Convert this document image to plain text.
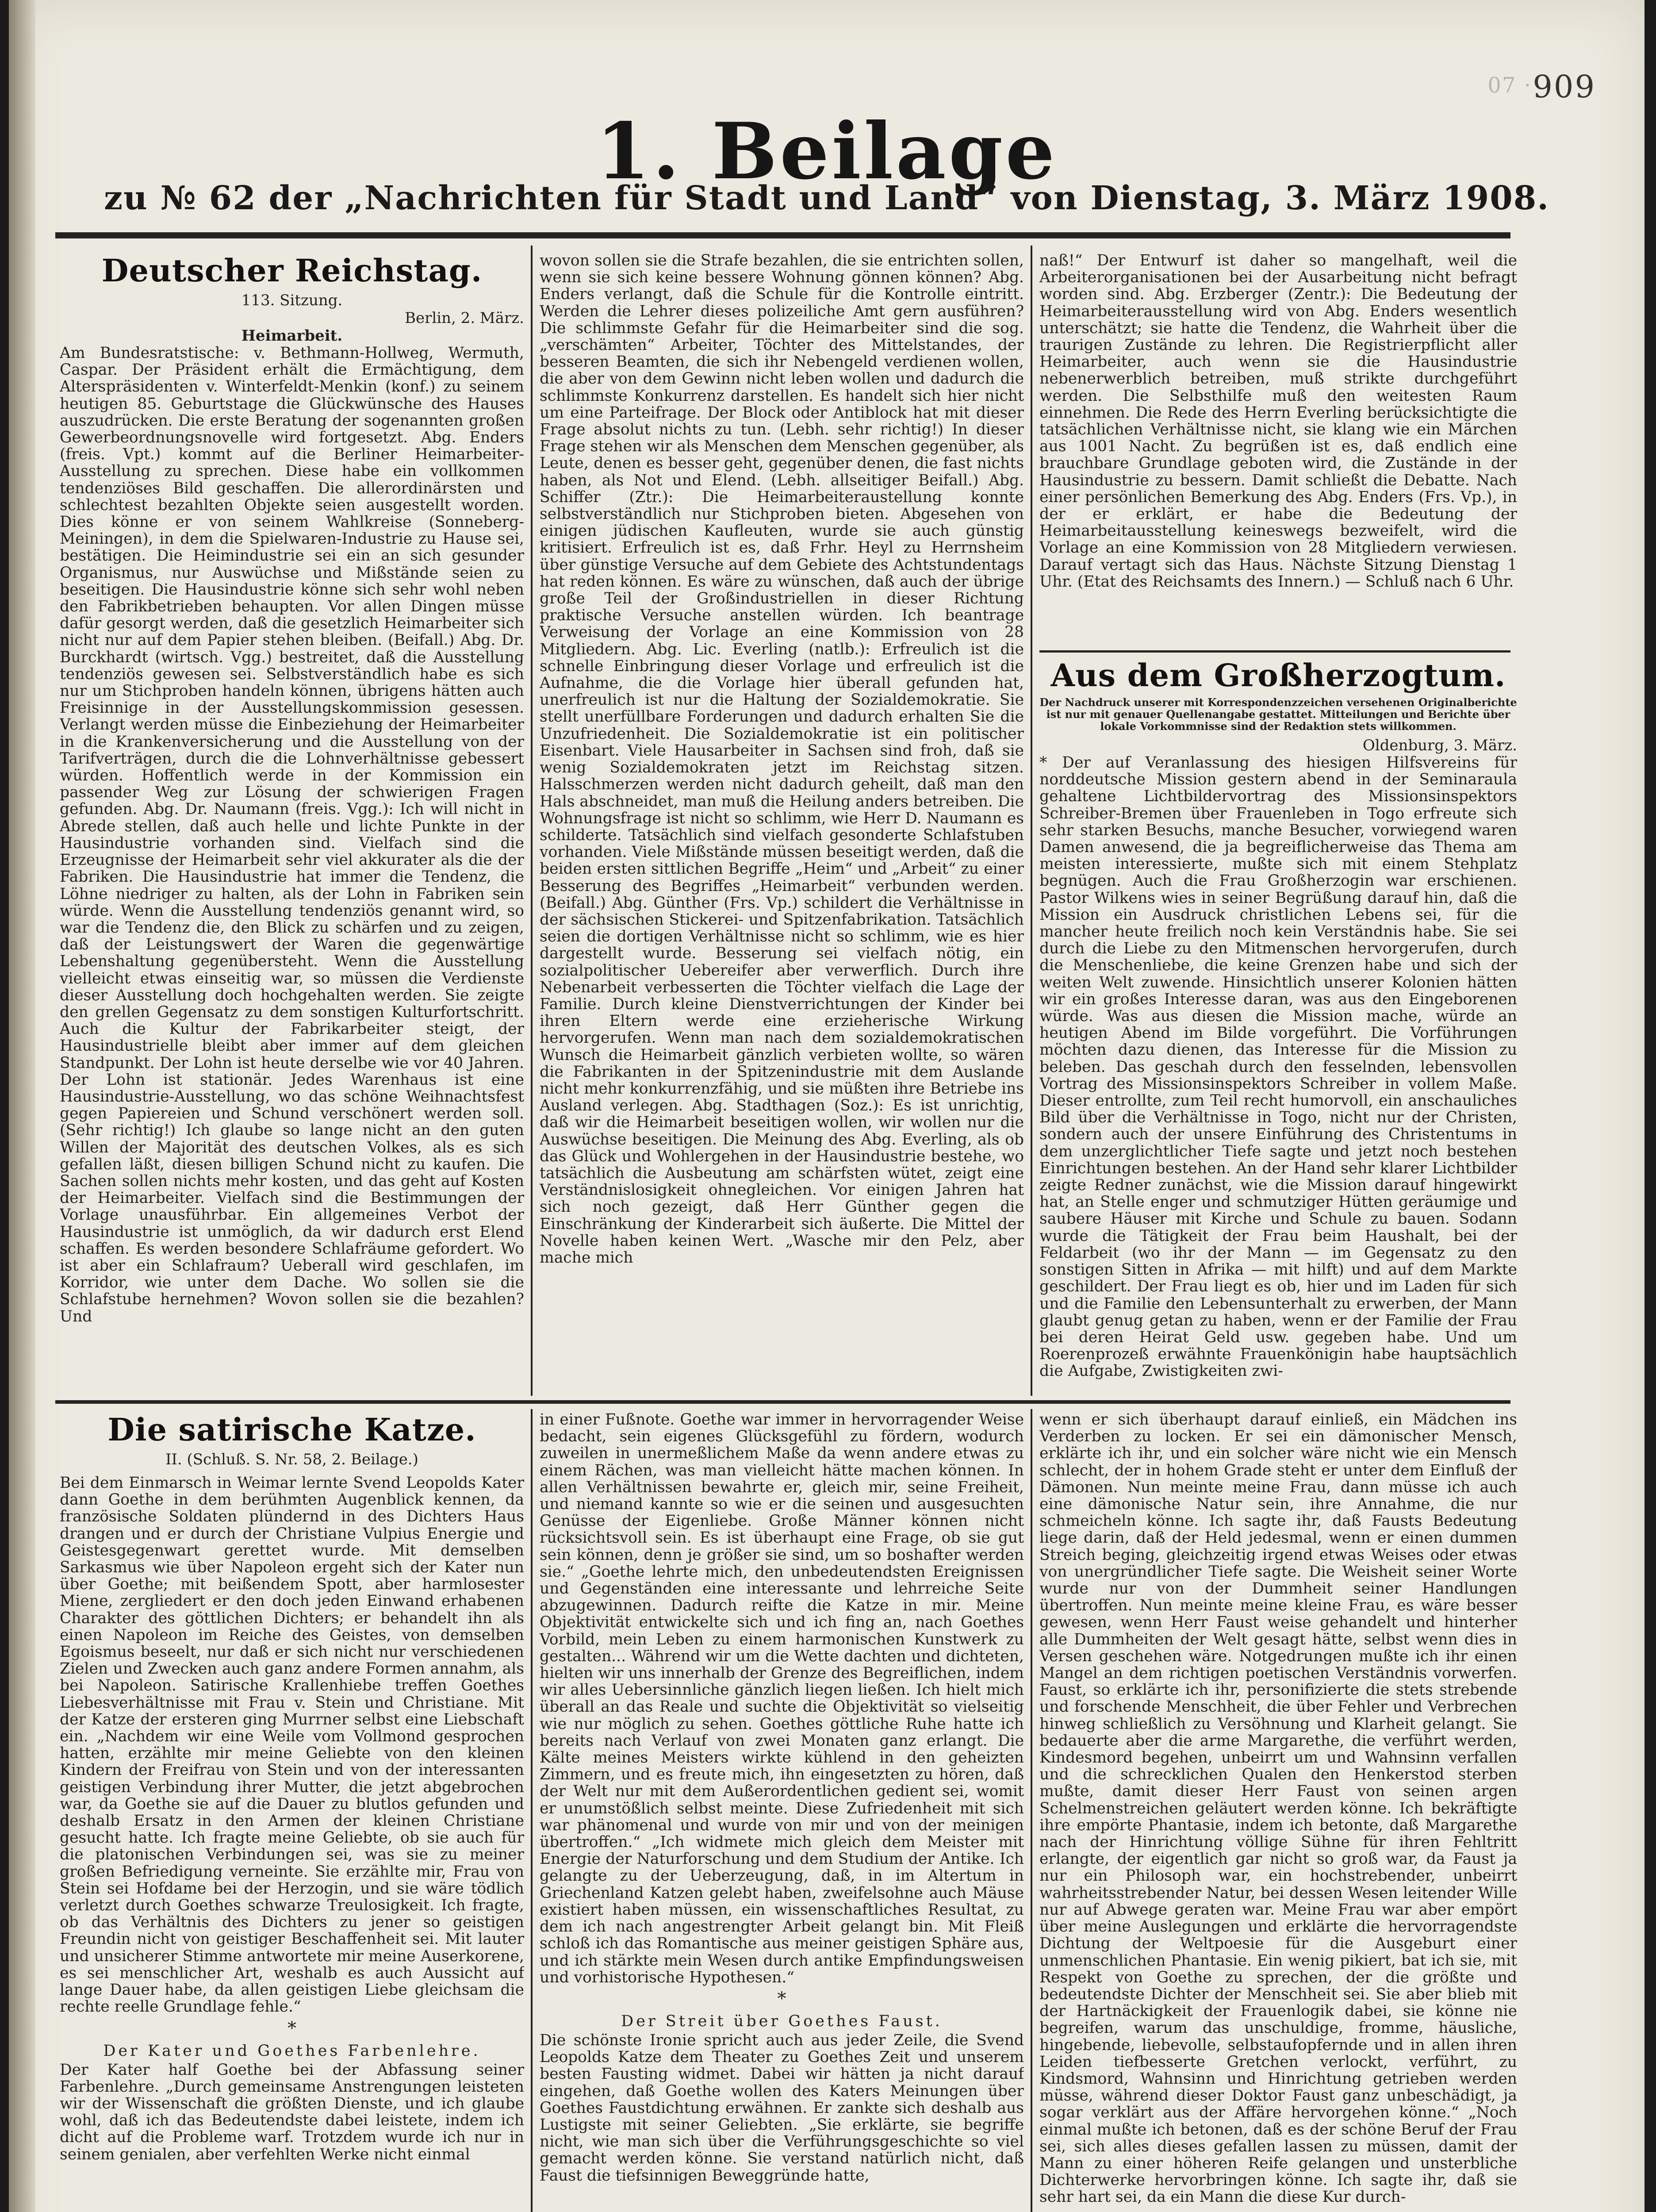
07 · 909
1. Beilage
zu № 62 der „Nachrichten für Stadt und Land“ von Dienstag, 3. März 1908.
Deutscher Reichstag.

113. Sitzung.

Berlin, 2. März.

Heimarbeit.

Am Bundesratstische: v. Bethmann-Hollweg, Wermuth, Caspar. Der Präsident erhält die Ermächtigung, dem Alterspräsidenten v. Winterfeldt-Menkin (konf.) zu seinem heutigen 85. Geburtstage die Glückwünsche des Hauses auszudrücken. Die erste Beratung der sogenannten großen Gewerbeordnungsnovelle wird fortgesetzt. Abg. Enders (freis. Vpt.) kommt auf die Berliner Heimarbeiter-Ausstellung zu sprechen. Diese habe ein vollkommen tendenziöses Bild geschaffen. Die allerordinärsten und schlechtest bezahlten Objekte seien ausgestellt worden. Dies könne er von seinem Wahlkreise (Sonneberg-Meiningen), in dem die Spielwaren-Industrie zu Hause sei, bestätigen. Die Heimindustrie sei ein an sich gesunder Organismus, nur Auswüchse und Mißstände seien zu beseitigen. Die Hausindustrie könne sich sehr wohl neben den Fabrikbetrieben behaupten. Vor allen Dingen müsse dafür gesorgt werden, daß die gesetzlich Heimarbeiter sich nicht nur auf dem Papier stehen bleiben. (Beifall.) Abg. Dr. Burckhardt (wirtsch. Vgg.) bestreitet, daß die Ausstellung tendenziös gewesen sei. Selbstverständlich habe es sich nur um Stichproben handeln können, übrigens hätten auch Freisinnige in der Ausstellungskommission gesessen. Verlangt werden müsse die Einbeziehung der Heimarbeiter in die Krankenversicherung und die Ausstellung von der Tarifverträgen, durch die die Lohnverhältnisse gebessert würden. Hoffentlich werde in der Kommission ein passender Weg zur Lösung der schwierigen Fragen gefunden. Abg. Dr. Naumann (freis. Vgg.): Ich will nicht in Abrede stellen, daß auch helle und lichte Punkte in der Hausindustrie vorhanden sind. Vielfach sind die Erzeugnisse der Heimarbeit sehr viel akkurater als die der Fabriken. Die Hausindustrie hat immer die Tendenz, die Löhne niedriger zu halten, als der Lohn in Fabriken sein würde. Wenn die Ausstellung tendenziös genannt wird, so war die Tendenz die, den Blick zu schärfen und zu zeigen, daß der Leistungswert der Waren die gegenwärtige Lebenshaltung gegenübersteht. Wenn die Ausstellung vielleicht etwas einseitig war, so müssen die Verdienste dieser Ausstellung doch hochgehalten werden. Sie zeigte den grellen Gegensatz zu dem sonstigen Kulturfortschritt. Auch die Kultur der Fabrikarbeiter steigt, der Hausindustrielle bleibt aber immer auf dem gleichen Standpunkt. Der Lohn ist heute derselbe wie vor 40 Jahren. Der Lohn ist stationär. Jedes Warenhaus ist eine Hausindustrie-Ausstellung, wo das schöne Weihnachtsfest gegen Papiereien und Schund verschönert werden soll. (Sehr richtig!) Ich glaube so lange nicht an den guten Willen der Majorität des deutschen Volkes, als es sich gefallen läßt, diesen billigen Schund nicht zu kaufen. Die Sachen sollen nichts mehr kosten, und das geht auf Kosten der Heimarbeiter. Vielfach sind die Bestimmungen der Vorlage unausführbar. Ein allgemeines Verbot der Hausindustrie ist unmöglich, da wir dadurch erst Elend schaffen. Es werden besondere Schlafräume gefordert. Wo ist aber ein Schlafraum? Ueberall wird geschlafen, im Korridor, wie unter dem Dache. Wo sollen sie die Schlafstube hernehmen? Wovon sollen sie die bezahlen? Und
wovon sollen sie die Strafe bezahlen, die sie entrichten sollen, wenn sie sich keine bessere Wohnung gönnen können? Abg. Enders verlangt, daß die Schule für die Kontrolle eintritt. Werden die Lehrer dieses polizeiliche Amt gern ausführen? Die schlimmste Gefahr für die Heimarbeiter sind die sog. „verschämten“ Arbeiter, Töchter des Mittelstandes, der besseren Beamten, die sich ihr Nebengeld verdienen wollen, die aber von dem Gewinn nicht leben wollen und dadurch die schlimmste Konkurrenz darstellen. Es handelt sich hier nicht um eine Parteifrage. Der Block oder Antiblock hat mit dieser Frage absolut nichts zu tun. (Lebh. sehr richtig!) In dieser Frage stehen wir als Menschen dem Menschen gegenüber, als Leute, denen es besser geht, gegenüber denen, die fast nichts haben, als Not und Elend. (Lebh. allseitiger Beifall.) Abg. Schiffer (Ztr.): Die Heimarbeiteraustellung konnte selbstverständlich nur Stichproben bieten. Abgesehen von einigen jüdischen Kaufleuten, wurde sie auch günstig kritisiert. Erfreulich ist es, daß Frhr. Heyl zu Herrnsheim über günstige Versuche auf dem Gebiete des Achtstundentags hat reden können. Es wäre zu wünschen, daß auch der übrige große Teil der Großindustriellen in dieser Richtung praktische Versuche anstellen würden. Ich beantrage Verweisung der Vorlage an eine Kommission von 28 Mitgliedern. Abg. Lic. Everling (natlb.): Erfreulich ist die schnelle Einbringung dieser Vorlage und erfreulich ist die Aufnahme, die die Vorlage hier überall gefunden hat, unerfreulich ist nur die Haltung der Sozialdemokratie. Sie stellt unerfüllbare Forderungen und dadurch erhalten Sie die Unzufriedenheit. Die Sozialdemokratie ist ein politischer Eisenbart. Viele Hausarbeiter in Sachsen sind froh, daß sie wenig Sozialdemokraten jetzt im Reichstag sitzen. Halsschmerzen werden nicht dadurch geheilt, daß man den Hals abschneidet, man muß die Heilung anders betreiben. Die Wohnungsfrage ist nicht so schlimm, wie Herr D. Naumann es schilderte. Tatsächlich sind vielfach gesonderte Schlafstuben vorhanden. Viele Mißstände müssen beseitigt werden, daß die beiden ersten sittlichen Begriffe „Heim“ und „Arbeit“ zu einer Besserung des Begriffes „Heimarbeit“ verbunden werden. (Beifall.) Abg. Günther (Frs. Vp.) schildert die Verhältnisse in der sächsischen Stickerei- und Spitzenfabrikation. Tatsächlich seien die dortigen Verhältnisse nicht so schlimm, wie es hier dargestellt wurde. Besserung sei vielfach nötig, ein sozialpolitischer Uebereifer aber verwerflich. Durch ihre Nebenarbeit verbesserten die Töchter vielfach die Lage der Familie. Durch kleine Dienstverrichtungen der Kinder bei ihren Eltern werde eine erzieherische Wirkung hervorgerufen. Wenn man nach dem sozialdemokratischen Wunsch die Heimarbeit gänzlich verbieten wollte, so wären die Fabrikanten in der Spitzenindustrie mit dem Auslande nicht mehr konkurrenzfähig, und sie müßten ihre Betriebe ins Ausland verlegen. Abg. Stadthagen (Soz.): Es ist unrichtig, daß wir die Heimarbeit beseitigen wollen, wir wollen nur die Auswüchse beseitigen. Die Meinung des Abg. Everling, als ob das Glück und Wohlergehen in der Hausindustrie bestehe, wo tatsächlich die Ausbeutung am schärfsten wütet, zeigt eine Verständnislosigkeit ohnegleichen. Vor einigen Jahren hat sich noch gezeigt, daß Herr Günther gegen die Einschränkung der Kinderarbeit sich äußerte. Die Mittel der Novelle haben keinen Wert. „Wasche mir den Pelz, aber mache mich
naß!“ Der Entwurf ist daher so mangelhaft, weil die Arbeiterorganisationen bei der Ausarbeitung nicht befragt worden sind. Abg. Erzberger (Zentr.): Die Bedeutung der Heimarbeiterausstellung wird von Abg. Enders wesentlich unterschätzt; sie hatte die Tendenz, die Wahrheit über die traurigen Zustände zu lehren. Die Registrierpflicht aller Heimarbeiter, auch wenn sie die Hausindustrie nebenerwerblich betreiben, muß strikte durchgeführt werden. Die Selbsthilfe muß den weitesten Raum einnehmen. Die Rede des Herrn Everling berücksichtigte die tatsächlichen Verhältnisse nicht, sie klang wie ein Märchen aus 1001 Nacht. Zu begrüßen ist es, daß endlich eine brauchbare Grundlage geboten wird, die Zustände in der Hausindustrie zu bessern. Damit schließt die Debatte. Nach einer persönlichen Bemerkung des Abg. Enders (Frs. Vp.), in der er erklärt, er habe die Bedeutung der Heimarbeitausstellung keineswegs bezweifelt, wird die Vorlage an eine Kommission von 28 Mitgliedern verwiesen. Darauf vertagt sich das Haus. Nächste Sitzung Dienstag 1 Uhr. (Etat des Reichsamts des Innern.) — Schluß nach 6 Uhr.
Aus dem Großherzogtum.
Der Nachdruck unserer mit Korrespondenzzeichen versehenen Originalberichte ist nur mit genauer Quellenangabe gestattet. Mitteilungen und Berichte über lokale Vorkommnisse sind der Redaktion stets willkommen.

Oldenburg, 3. März.

* Der auf Veranlassung des hiesigen Hilfsvereins für norddeutsche Mission gestern abend in der Seminaraula gehaltene Lichtbildervortrag des Missionsinspektors Schreiber-Bremen über Frauenleben in Togo erfreute sich sehr starken Besuchs, manche Besucher, vorwiegend waren Damen anwesend, die ja begreiflicherweise das Thema am meisten interessierte, mußte sich mit einem Stehplatz begnügen. Auch die Frau Großherzogin war erschienen. Pastor Wilkens wies in seiner Begrüßung darauf hin, daß die Mission ein Ausdruck christlichen Lebens sei, für die mancher heute freilich noch kein Verständnis habe. Sie sei durch die Liebe zu den Mitmenschen hervorgerufen, durch die Menschenliebe, die keine Grenzen habe und sich der weiten Welt zuwende. Hinsichtlich unserer Kolonien hätten wir ein großes Interesse daran, was aus den Eingeborenen würde. Was aus diesen die Mission mache, würde an heutigen Abend im Bilde vorgeführt. Die Vorführungen möchten dazu dienen, das Interesse für die Mission zu beleben. Das geschah durch den fesselnden, lebensvollen Vortrag des Missionsinspektors Schreiber in vollem Maße. Dieser entrollte, zum Teil recht humorvoll, ein anschauliches Bild über die Verhältnisse in Togo, nicht nur der Christen, sondern auch der unsere Einführung des Christentums in dem unzerglichtlicher Tiefe sagte und jetzt noch bestehen Einrichtungen bestehen. An der Hand sehr klarer Lichtbilder zeigte Redner zunächst, wie die Mission darauf hingewirkt hat, an Stelle enger und schmutziger Hütten geräumige und saubere Häuser mit Kirche und Schule zu bauen. Sodann wurde die Tätigkeit der Frau beim Haushalt, bei der Feldarbeit (wo ihr der Mann — im Gegensatz zu den sonstigen Sitten in Afrika — mit hilft) und auf dem Markte geschildert. Der Frau liegt es ob, hier und im Laden für sich und die Familie den Lebensunterhalt zu erwerben, der Mann glaubt genug getan zu haben, wenn er der Familie der Frau bei deren Heirat Geld usw. gegeben habe. Und um Roerenprozeß erwähnte Frauenkönigin habe hauptsächlich die Aufgabe, Zwistigkeiten zwi-
Die satirische Katze.

II. (Schluß. S. Nr. 58, 2. Beilage.)

Bei dem Einmarsch in Weimar lernte Svend Leopolds Kater dann Goethe in dem berühmten Augenblick kennen, da französische Soldaten plündernd in des Dichters Haus drangen und er durch der Christiane Vulpius Energie und Geistesgegenwart gerettet wurde. Mit demselben Sarkasmus wie über Napoleon ergeht sich der Kater nun über Goethe; mit beißendem Spott, aber harmlosester Miene, zergliedert er den doch jeden Einwand erhabenen Charakter des göttlichen Dichters; er behandelt ihn als einen Napoleon im Reiche des Geistes, von demselben Egoismus beseelt, nur daß er sich nicht nur verschiedenen Zielen und Zwecken auch ganz andere Formen annahm, als bei Napoleon. Satirische Krallenhiebe treffen Goethes Liebesverhältnisse mit Frau v. Stein und Christiane. Mit der Katze der ersteren ging Murrner selbst eine Liebschaft ein. „Nachdem wir eine Weile vom Vollmond gesprochen hatten, erzählte mir meine Geliebte von den kleinen Kindern der Freifrau von Stein und von der interessanten geistigen Verbindung ihrer Mutter, die jetzt abgebrochen war, da Goethe sie auf die Dauer zu blutlos gefunden und deshalb Ersatz in den Armen der kleinen Christiane gesucht hatte. Ich fragte meine Geliebte, ob sie auch für die platonischen Verbindungen sei, was sie zu meiner großen Befriedigung verneinte. Sie erzählte mir, Frau von Stein sei Hofdame bei der Herzogin, und sie wäre tödlich verletzt durch Goethes schwarze Treulosigkeit. Ich fragte, ob das Verhältnis des Dichters zu jener so geistigen Freundin nicht von geistiger Beschaffenheit sei. Mit lauter und unsicherer Stimme antwortete mir meine Auserkorene, es sei menschlicher Art, weshalb es auch Aussicht auf lange Dauer habe, da allen geistigen Liebe gleichsam die rechte reelle Grundlage fehle.“
*
Der Kater und Goethes Farbenlehre.
Der Kater half Goethe bei der Abfassung seiner Farbenlehre. „Durch gemeinsame Anstrengungen leisteten wir der Wissenschaft die größten Dienste, und ich glaube wohl, daß ich das Bedeutendste dabei leistete, indem ich dicht auf die Probleme warf. Trotzdem wurde ich nur in seinem genialen, aber verfehlten Werke nicht einmal
in einer Fußnote. Goethe war immer in hervorragender Weise bedacht, sein eigenes Glücksgefühl zu fördern, wodurch zuweilen in unermeßlichem Maße da wenn andere etwas zu einem Rächen, was man vielleicht hätte machen können. In allen Verhältnissen bewahrte er, gleich mir, seine Freiheit, und niemand kannte so wie er die seinen und ausgesuchten Genüsse der Eigenliebe. Große Männer können nicht rücksichtsvoll sein. Es ist überhaupt eine Frage, ob sie gut sein können, denn je größer sie sind, um so boshafter werden sie.“ „Goethe lehrte mich, den unbedeutendsten Ereignissen und Gegenständen eine interessante und lehrreiche Seite abzugewinnen. Dadurch reifte die Katze in mir. Meine Objektivität entwickelte sich und ich fing an, nach Goethes Vorbild, mein Leben zu einem harmonischen Kunstwerk zu gestalten... Während wir um die Wette dachten und dichteten, hielten wir uns innerhalb der Grenze des Begreiflichen, indem wir alles Uebersinnliche gänzlich liegen ließen. Ich hielt mich überall an das Reale und suchte die Objektivität so vielseitig wie nur möglich zu sehen. Goethes göttliche Ruhe hatte ich bereits nach Verlauf von zwei Monaten ganz erlangt. Die Kälte meines Meisters wirkte kühlend in den geheizten Zimmern, und es freute mich, ihn eingesetzten zu hören, daß der Welt nur mit dem Außerordentlichen gedient sei, womit er unumstößlich selbst meinte. Diese Zufriedenheit mit sich war phänomenal und wurde von mir und von der meinigen übertroffen.“ „Ich widmete mich gleich dem Meister mit Energie der Naturforschung und dem Studium der Antike. Ich gelangte zu der Ueberzeugung, daß, in im Altertum in Griechenland Katzen gelebt haben, zweifelsohne auch Mäuse existiert haben müssen, ein wissenschaftliches Resultat, zu dem ich nach angestrengter Arbeit gelangt bin. Mit Fleiß schloß ich das Romantische aus meiner geistigen Sphäre aus, und ich stärkte mein Wesen durch antike Empfindungsweisen und vorhistorische Hypothesen.“
*
Der Streit über Goethes Faust.
Die schönste Ironie spricht auch aus jeder Zeile, die Svend Leopolds Katze dem Theater zu Goethes Zeit und unserem besten Fausting widmet. Dabei wir hätten ja nicht darauf eingehen, daß Goethe wollen des Katers Meinungen über Goethes Faustdichtung erwähnen. Er zankte sich deshalb aus Lustigste mit seiner Geliebten. „Sie erklärte, sie begriffe nicht, wie man sich über die Verführungsgeschichte so viel gemacht werden könne. Sie verstand natürlich nicht, daß Faust die tiefsinnigen Beweggründe hatte,
wenn er sich überhaupt darauf einließ, ein Mädchen ins Verderben zu locken. Er sei ein dämonischer Mensch, erklärte ich ihr, und ein solcher wäre nicht wie ein Mensch schlecht, der in hohem Grade steht er unter dem Einfluß der Dämonen. Nun meinte meine Frau, dann müsse ich auch eine dämonische Natur sein, ihre Annahme, die nur schmeicheln könne. Ich sagte ihr, daß Fausts Bedeutung liege darin, daß der Held jedesmal, wenn er einen dummen Streich beging, gleichzeitig irgend etwas Weises oder etwas von unergründlicher Tiefe sagte. Die Weisheit seiner Worte wurde nur von der Dummheit seiner Handlungen übertroffen. Nun meinte meine kleine Frau, es wäre besser gewesen, wenn Herr Faust weise gehandelt und hinterher alle Dummheiten der Welt gesagt hätte, selbst wenn dies in Versen geschehen wäre. Notgedrungen mußte ich ihr einen Mangel an dem richtigen poetischen Verständnis vorwerfen. Faust, so erklärte ich ihr, personifizierte die stets strebende und forschende Menschheit, die über Fehler und Verbrechen hinweg schließlich zu Versöhnung und Klarheit gelangt. Sie bedauerte aber die arme Margarethe, die verführt werden, Kindesmord begehen, unbeirrt um und Wahnsinn verfallen und die schrecklichen Qualen den Henkerstod sterben mußte, damit dieser Herr Faust von seinen argen Schelmenstreichen geläutert werden könne. Ich bekräftigte ihre empörte Phantasie, indem ich betonte, daß Margarethe nach der Hinrichtung völlige Sühne für ihren Fehltritt erlangte, der eigentlich gar nicht so groß war, da Faust ja nur ein Philosoph war, ein hochstrebender, unbeirrt wahrheitsstrebender Natur, bei dessen Wesen leitender Wille nur auf Abwege geraten war. Meine Frau war aber empört über meine Auslegungen und erklärte die hervorragendste Dichtung der Weltpoesie für die Ausgeburt einer unmenschlichen Phantasie. Ein wenig pikiert, bat ich sie, mit Respekt von Goethe zu sprechen, der die größte und bedeutendste Dichter der Menschheit sei. Sie aber blieb mit der Hartnäckigkeit der Frauenlogik dabei, sie könne nie begreifen, warum das unschuldige, fromme, häusliche, hingebende, liebevolle, selbstaufopfernde und in allen ihren Leiden tiefbesserte Gretchen verlockt, verführt, zu Kindsmord, Wahnsinn und Hinrichtung getrieben werden müsse, während dieser Doktor Faust ganz unbeschädigt, ja sogar verklärt aus der Affäre hervorgehen könne.“ „Noch einmal mußte ich betonen, daß es der schöne Beruf der Frau sei, sich alles dieses gefallen lassen zu müssen, damit der Mann zu einer höheren Reife gelangen und unsterbliche Dichterwerke hervorbringen könne. Ich sagte ihr, daß sie sehr hart sei, da ein Mann die diese Kur durch-
